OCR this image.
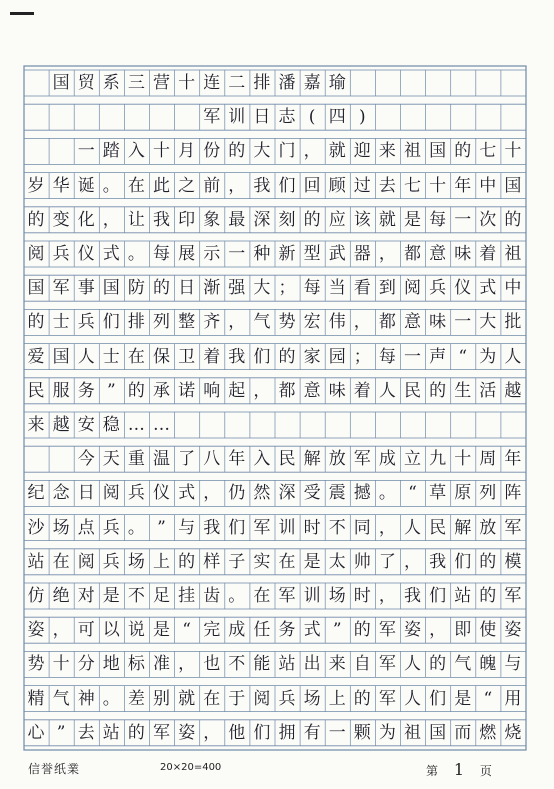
国 贸 系 三 营 十 连 二 排 潘 嘉 瑜
军 训 日 志 ( 四 )
一 踏 入 十 月 份 的 大 门 ， 就 迎 来 祖 国 的 七 十
岁 华 诞 。 在 此 之 前 ， 我 们 回 顾 过 去 七 十 年 中 国
的 变 化 ， 让 我 印 象 最 深 刻 的 应 该 就 是 每 一 次 的
阅 兵 仪 式 。 每 展 示 一 种 新 型 武 器 ， 都 意 味 着 祖
国 军 事 国 防 的 日 渐 强 大 ； 每 当 看 到 阅 兵 仪 式 中
的 士 兵 们 排 列 整 齐 ， 气 势 宏 伟 ， 都 意 味 一 大 批
爱 国 人 士 在 保 卫 着 我 们 的 家 园 ； 每 一 声 “ 为 人
民 服 务 ” 的 承 诺 响 起 ， 都 意 味 着 人 民 的 生 活 越
来 越 安 稳 … …
今 天 重 温 了 八 年 入 民 解 放 军 成 立 九 十 周 年
纪 念 日 阅 兵 仪 式 ， 仍 然 深 受 震 撼 。 “ 草 原 列 阵
沙 场 点 兵 。 ” 与 我 们 军 训 时 不 同 ， 人 民 解 放 军
站 在 阅 兵 场 上 的 样 子 实 在 是 太 帅 了 ， 我 们 的 模
仿 绝 对 是 不 足 挂 齿 。 在 军 训 场 时 ， 我 们 站 的 军
姿 ， 可 以 说 是 “ 完 成 任 务 式 ” 的 军 姿 ， 即 使 姿
势 十 分 地 标 准 ， 也 不 能 站 出 来 自 军 人 的 气 魄 与
精 气 神 。 差 别 就 在 于 阅 兵 场 上 的 军 人 们 是 “ 用
心 ” 去 站 的 军 姿 ， 他 们 拥 有 一 颗 为 祖 国 而 燃 烧
信誉纸業	20×20=400	第 1 页
